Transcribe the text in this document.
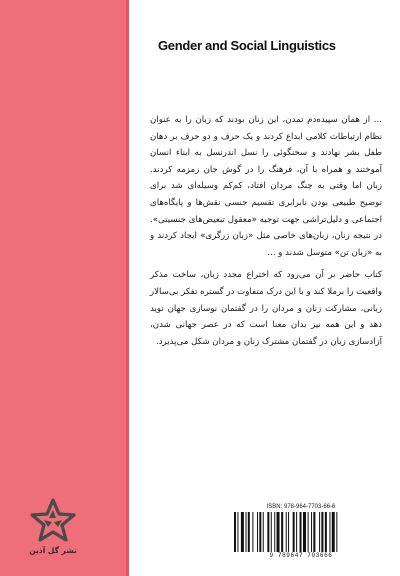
Gender and Social Linguistics

... از همان سپیده‌دم تمدن، این زنان بودند که زبان را به عنوان نظام ارتباطات کلامی ابداع کردند و یک حرف و دو حرف بر دهان طفل بشر نهادند و سخنگوئی را نسل اندرنسل به ابناء انسان آموختند و همراه با آن، فرهنگ را در گوش جان زمزمه کردند. زبان اما وقتی به چنگ مردان افتاد، کم‌کم وسیله‌ای شد برای توضیح طبیعی بودن نابرابری تقسیم جنسی نقش‌ها و پایگاه‌های اجتماعی و دلیل‌تراشی جهت توجیه «معقول تبعیض‌های جنسیتی». در نتیجه زنان، زبان‌های خاصی مثل «زبان زرگری» ایجاد کردند و به «زبان تن» متوسل شدند و ...

کتاب حاضر بر آن می‌رود که اختراع مجدد زبان، ساخت مذکر واقعیت را برملا کند و با این درک متفاوت در گستره تفکر بی‌سالار زبانی، مشارکت زنان و مردان را در گفتمان نوسازی جهان نوید دهد و این همه نیز بدان معنا است که در عصر جهانی شدن، آزادسازی زبان در گفتمان مشترک زنان و مردان شکل می‌پذیرد.

نشر گل آذین
ISBN: 978-964-7703-66-6
9 789647 703666
